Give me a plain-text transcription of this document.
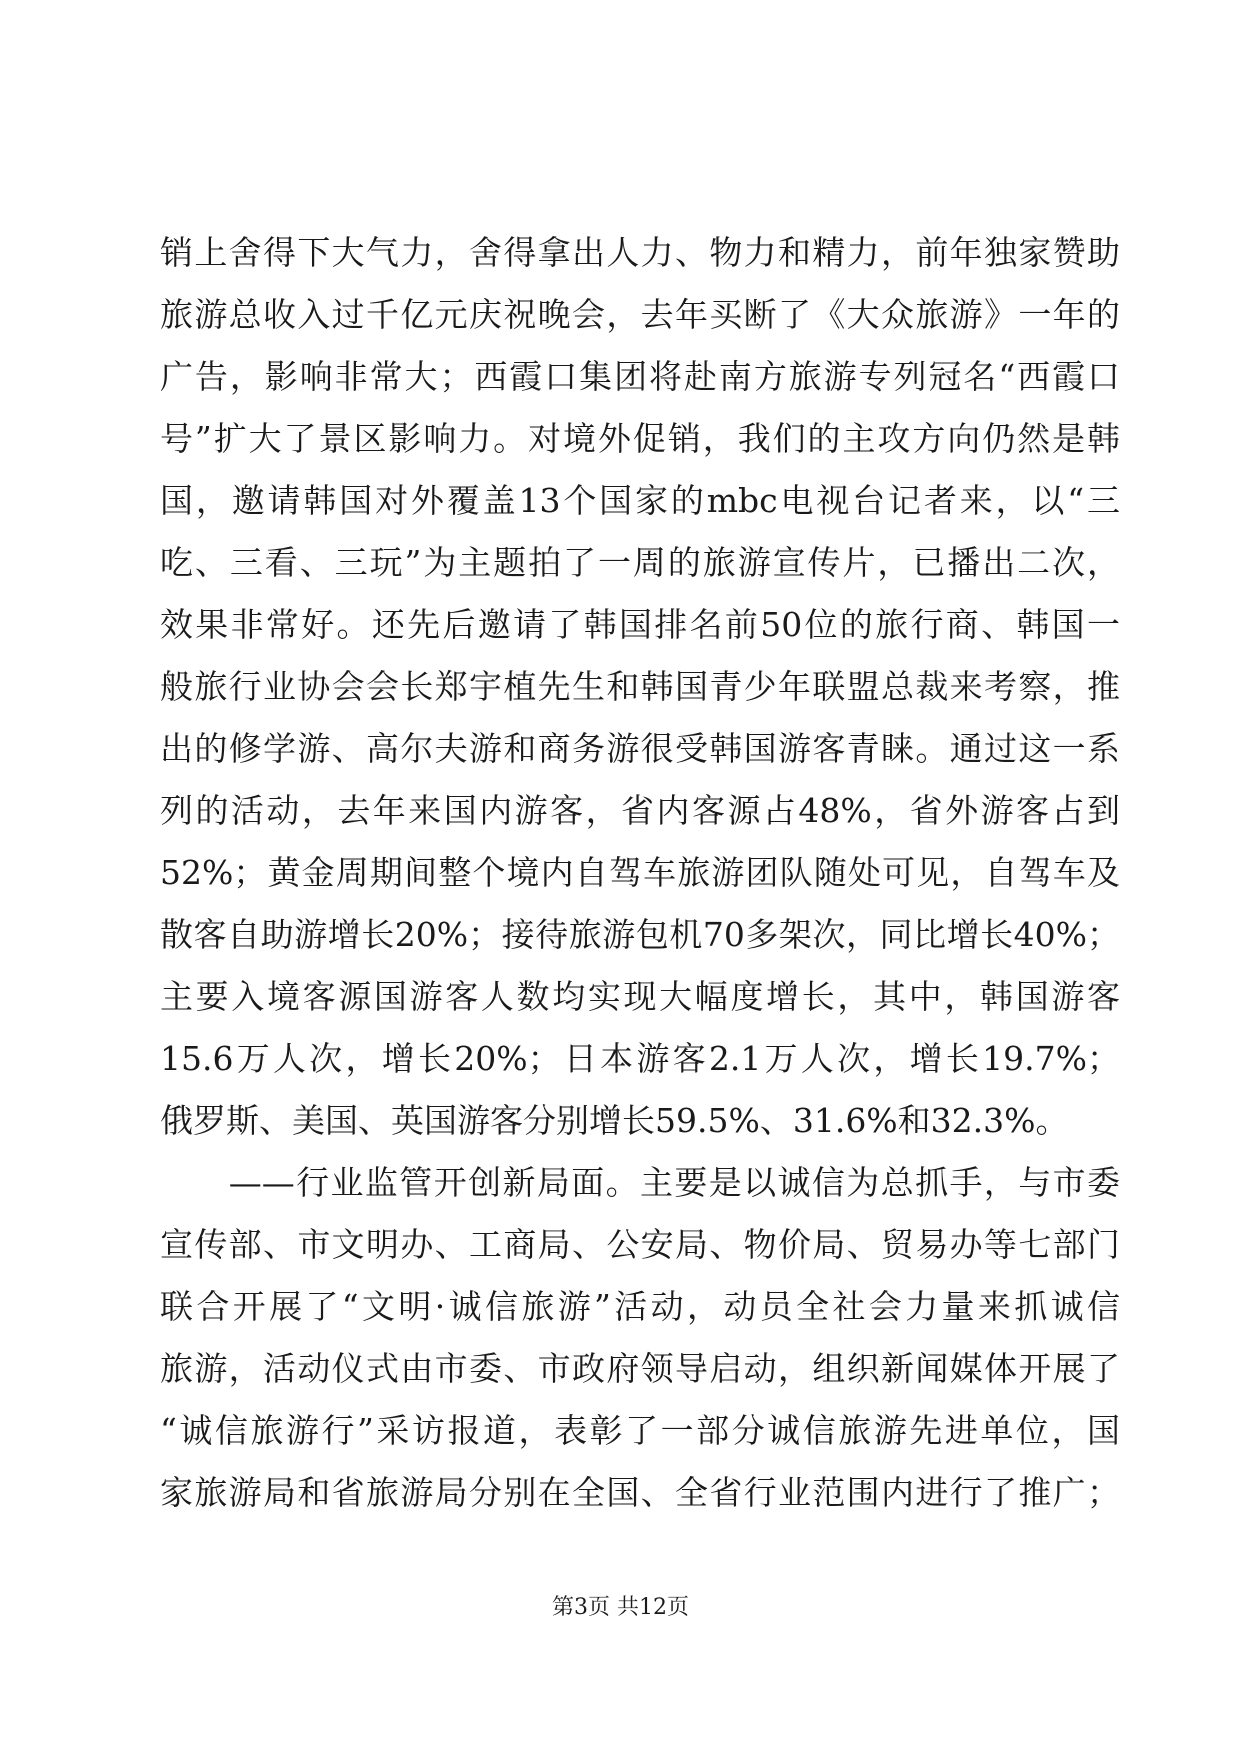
销上舍得下大气力，舍得拿出人力、物力和精力，前年独家赞助
旅游总收入过千亿元庆祝晚会，去年买断了《大众旅游》一年的
广告，影响非常大；西霞口集团将赴南方旅游专列冠名“西霞口
号”扩大了景区影响力。对境外促销，我们的主攻方向仍然是韩
国，邀请韩国对外覆盖13个国家的mbc电视台记者来，以“三
吃、三看、三玩”为主题拍了一周的旅游宣传片，已播出二次，
效果非常好。还先后邀请了韩国排名前50位的旅行商、韩国一
般旅行业协会会长郑宇植先生和韩国青少年联盟总裁来考察，推
出的修学游、高尔夫游和商务游很受韩国游客青睐。通过这一系
列的活动，去年来国内游客，省内客源占48%，省外游客占到
52%；黄金周期间整个境内自驾车旅游团队随处可见，自驾车及
散客自助游增长20%；接待旅游包机70多架次，同比增长40%；
主要入境客源国游客人数均实现大幅度增长，其中，韩国游客
15.6万人次，增长20%；日本游客2.1万人次，增长19.7%；
俄罗斯、美国、英国游客分别增长59.5%、31.6%和32.3%。
　　——行业监管开创新局面。主要是以诚信为总抓手，与市委
宣传部、市文明办、工商局、公安局、物价局、贸易办等七部门
联合开展了“文明·诚信旅游”活动，动员全社会力量来抓诚信
旅游，活动仪式由市委、市政府领导启动，组织新闻媒体开展了
“诚信旅游行”采访报道，表彰了一部分诚信旅游先进单位，国
家旅游局和省旅游局分别在全国、全省行业范围内进行了推广；
第3页 共12页
